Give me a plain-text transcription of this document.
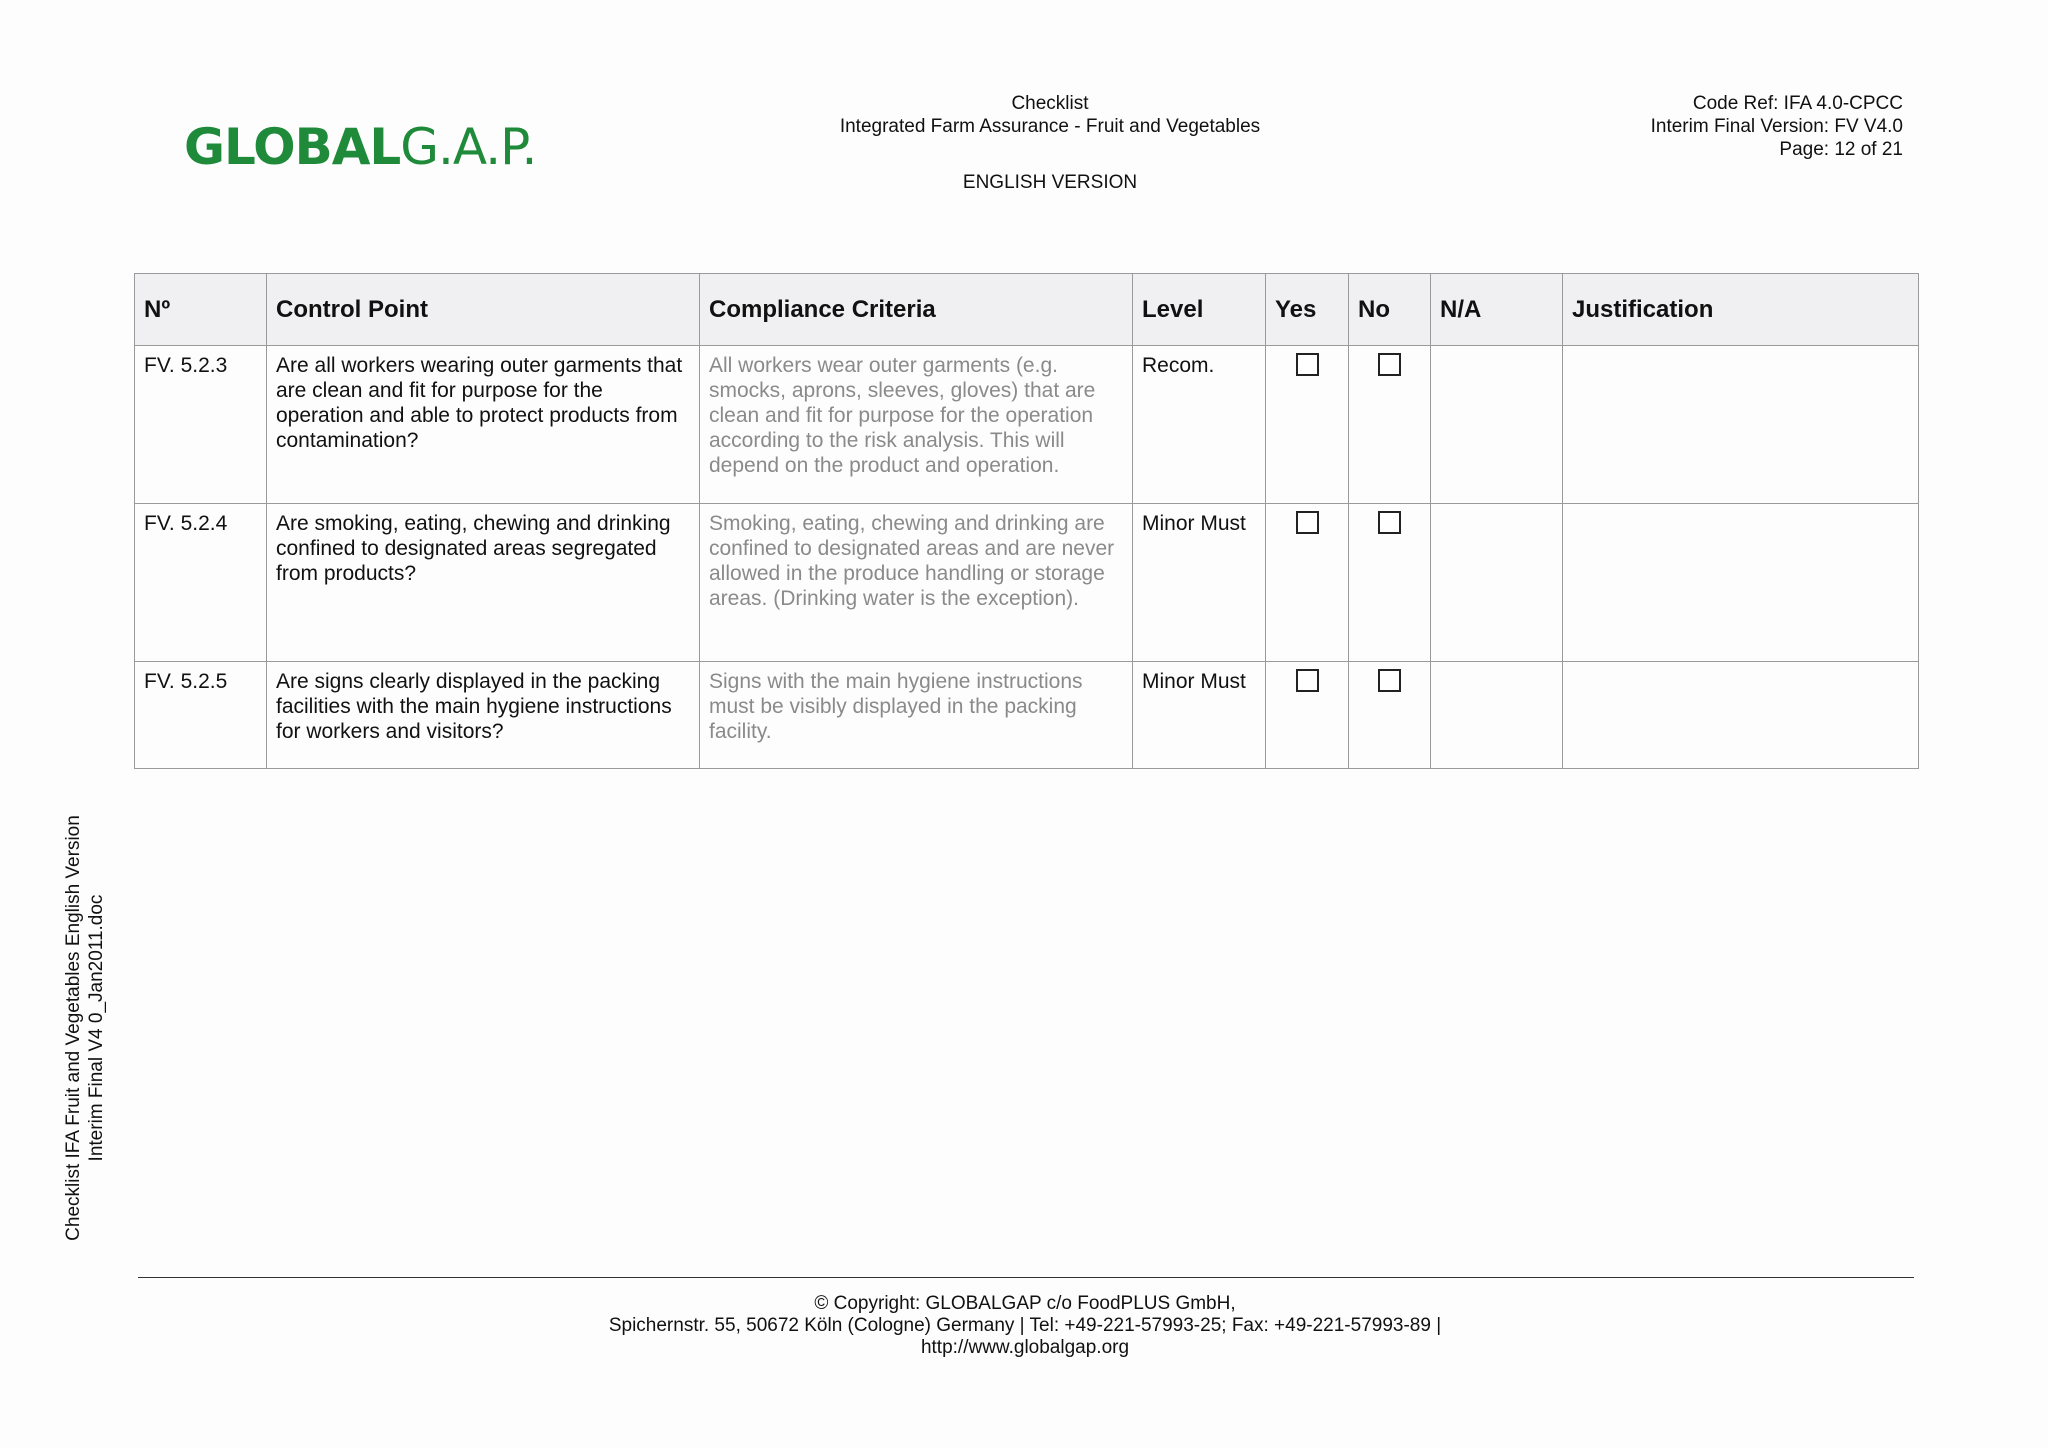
GLOBALG.A.P.
Checklist
Integrated Farm Assurance - Fruit and Vegetables
ENGLISH VERSION
Code Ref: IFA 4.0-CPCC
Interim Final Version: FV V4.0
Page: 12 of 21
Nº	Control Point	Compliance Criteria	Level	Yes	No	N/A	Justification
FV. 5.2.3	Are all workers wearing outer garments that are clean and fit for purpose for the operation and able to protect products from contamination?	All workers wear outer garments (e.g. smocks, aprons, sleeves, gloves) that are clean and fit for purpose for the operation according to the risk analysis. This will depend on the product and operation.	Recom.				
FV. 5.2.4	Are smoking, eating, chewing and drinking confined to designated areas segregated from products?	Smoking, eating, chewing and drinking are confined to designated areas and are never allowed in the produce handling or storage areas. (Drinking water is the exception).	Minor Must				
FV. 5.2.5	Are signs clearly displayed in the packing facilities with the main hygiene instructions for workers and visitors?	Signs with the main hygiene instructions must be visibly displayed in the packing facility.	Minor Must				
Checklist IFA Fruit and Vegetables English Version Interim Final V4 0_Jan2011.doc
© Copyright: GLOBALGAP c/o FoodPLUS GmbH,
Spichernstr. 55, 50672 Köln (Cologne) Germany | Tel: +49-221-57993-25; Fax: +49-221-57993-89 |
http://www.globalgap.org
